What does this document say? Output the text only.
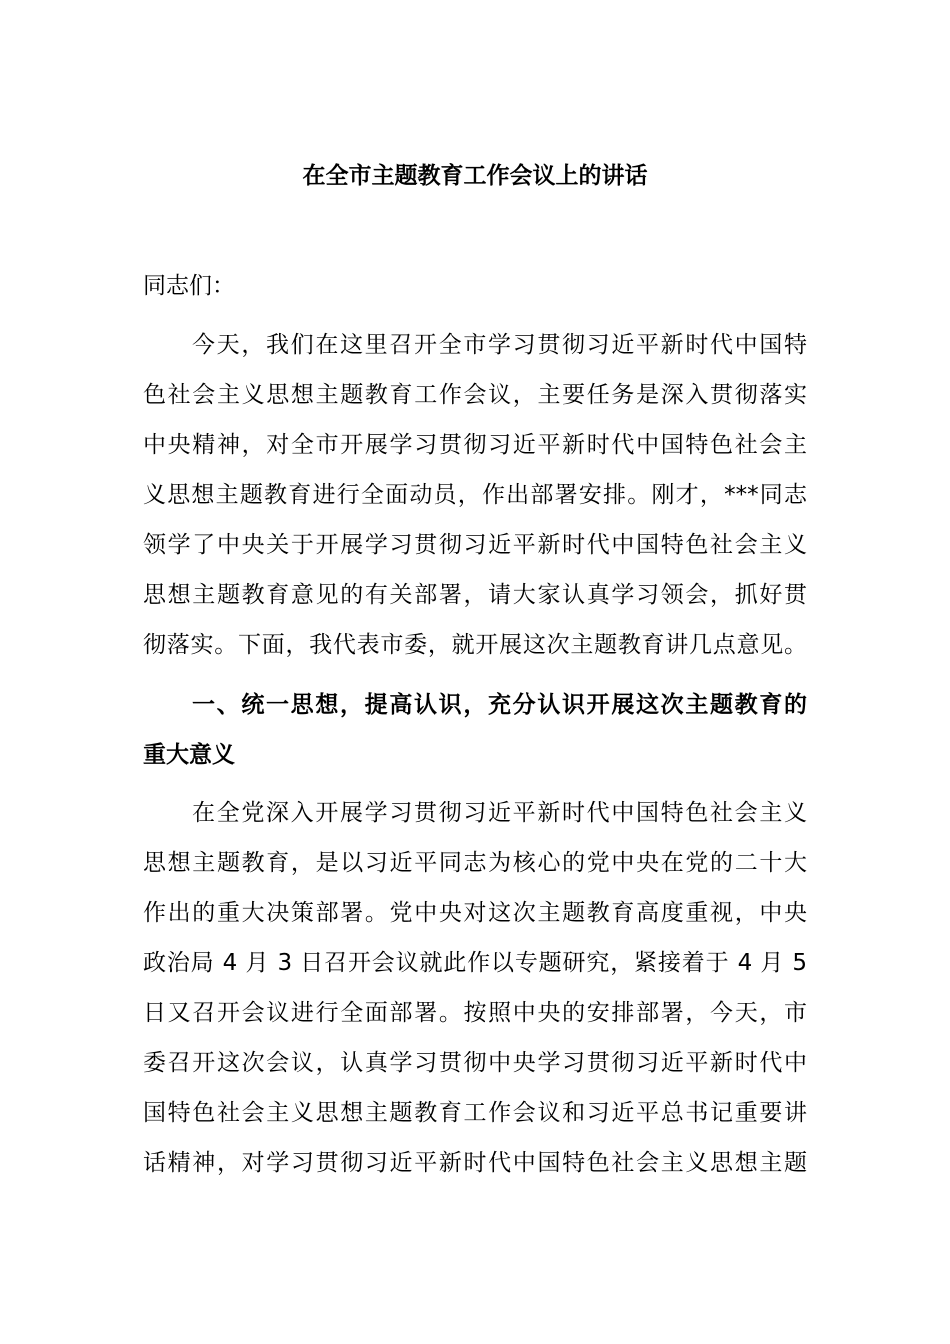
在全市主题教育工作会议上的讲话
同志们：
今天，我们在这里召开全市学习贯彻习近平新时代中国特
色社会主义思想主题教育工作会议，主要任务是深入贯彻落实
中央精神，对全市开展学习贯彻习近平新时代中国特色社会主
义思想主题教育进行全面动员，作出部署安排。刚才，***同志
领学了中央关于开展学习贯彻习近平新时代中国特色社会主义
思想主题教育意见的有关部署，请大家认真学习领会，抓好贯
彻落实。下面，我代表市委，就开展这次主题教育讲几点意见。
一、统一思想，提高认识，充分认识开展这次主题教育的
重大意义
在全党深入开展学习贯彻习近平新时代中国特色社会主义
思想主题教育，是以习近平同志为核心的党中央在党的二十大
作出的重大决策部署。党中央对这次主题教育高度重视，中央
政治局 4 月 3 日召开会议就此作以专题研究，紧接着于 4 月 5
日又召开会议进行全面部署。按照中央的安排部署，今天，市
委召开这次会议，认真学习贯彻中央学习贯彻习近平新时代中
国特色社会主义思想主题教育工作会议和习近平总书记重要讲
话精神，对学习贯彻习近平新时代中国特色社会主义思想主题
